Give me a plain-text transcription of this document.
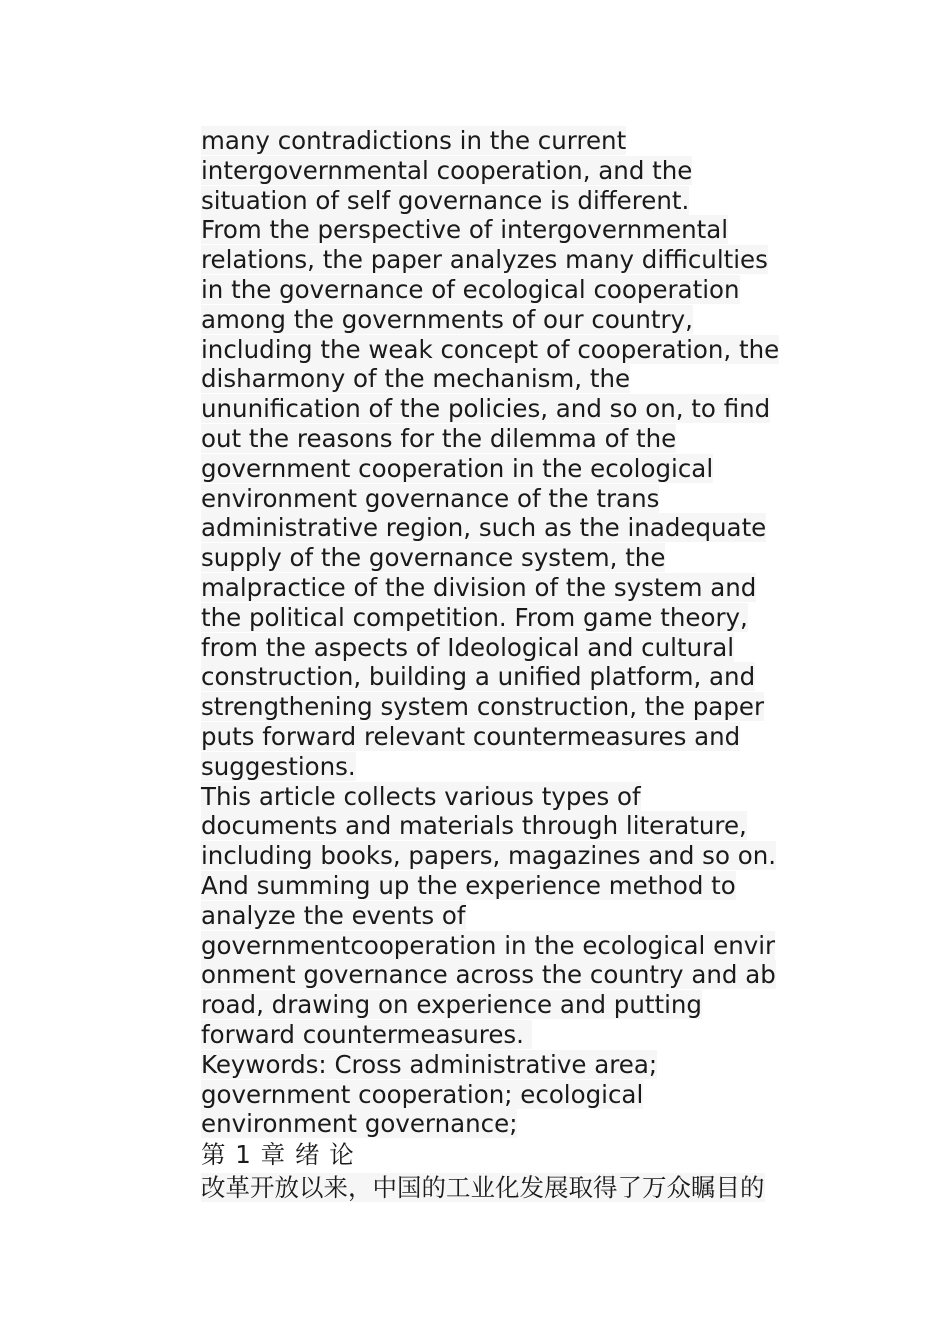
many contradictions in the current
intergovernmental cooperation, and the
situation of self governance is different.
From the perspective of intergovernmental
relations, the paper analyzes many difficulties
in the governance of ecological cooperation
among the governments of our country,
including the weak concept of cooperation, the
disharmony of the mechanism, the
ununification of the policies, and so on, to find
out the reasons for the dilemma of the
government cooperation in the ecological
environment governance of the trans
administrative region, such as the inadequate
supply of the governance system, the
malpractice of the division of the system and
the political competition. From game theory,
from the aspects of Ideological and cultural
construction, building a unified platform, and
strengthening system construction, the paper
puts forward relevant countermeasures and
suggestions.
This article collects various types of
documents and materials through literature,
including books, papers, magazines and so on.
And summing up the experience method to
analyze the events of
governmentcooperation in the ecological envir
onment governance across the country and ab
road, drawing on experience and putting
forward countermeasures.
Keywords: Cross administrative area;
government cooperation; ecological
environment governance;
第 1 章 绪 论
改革开放以来，中国的工业化发展取得了万众瞩目的
